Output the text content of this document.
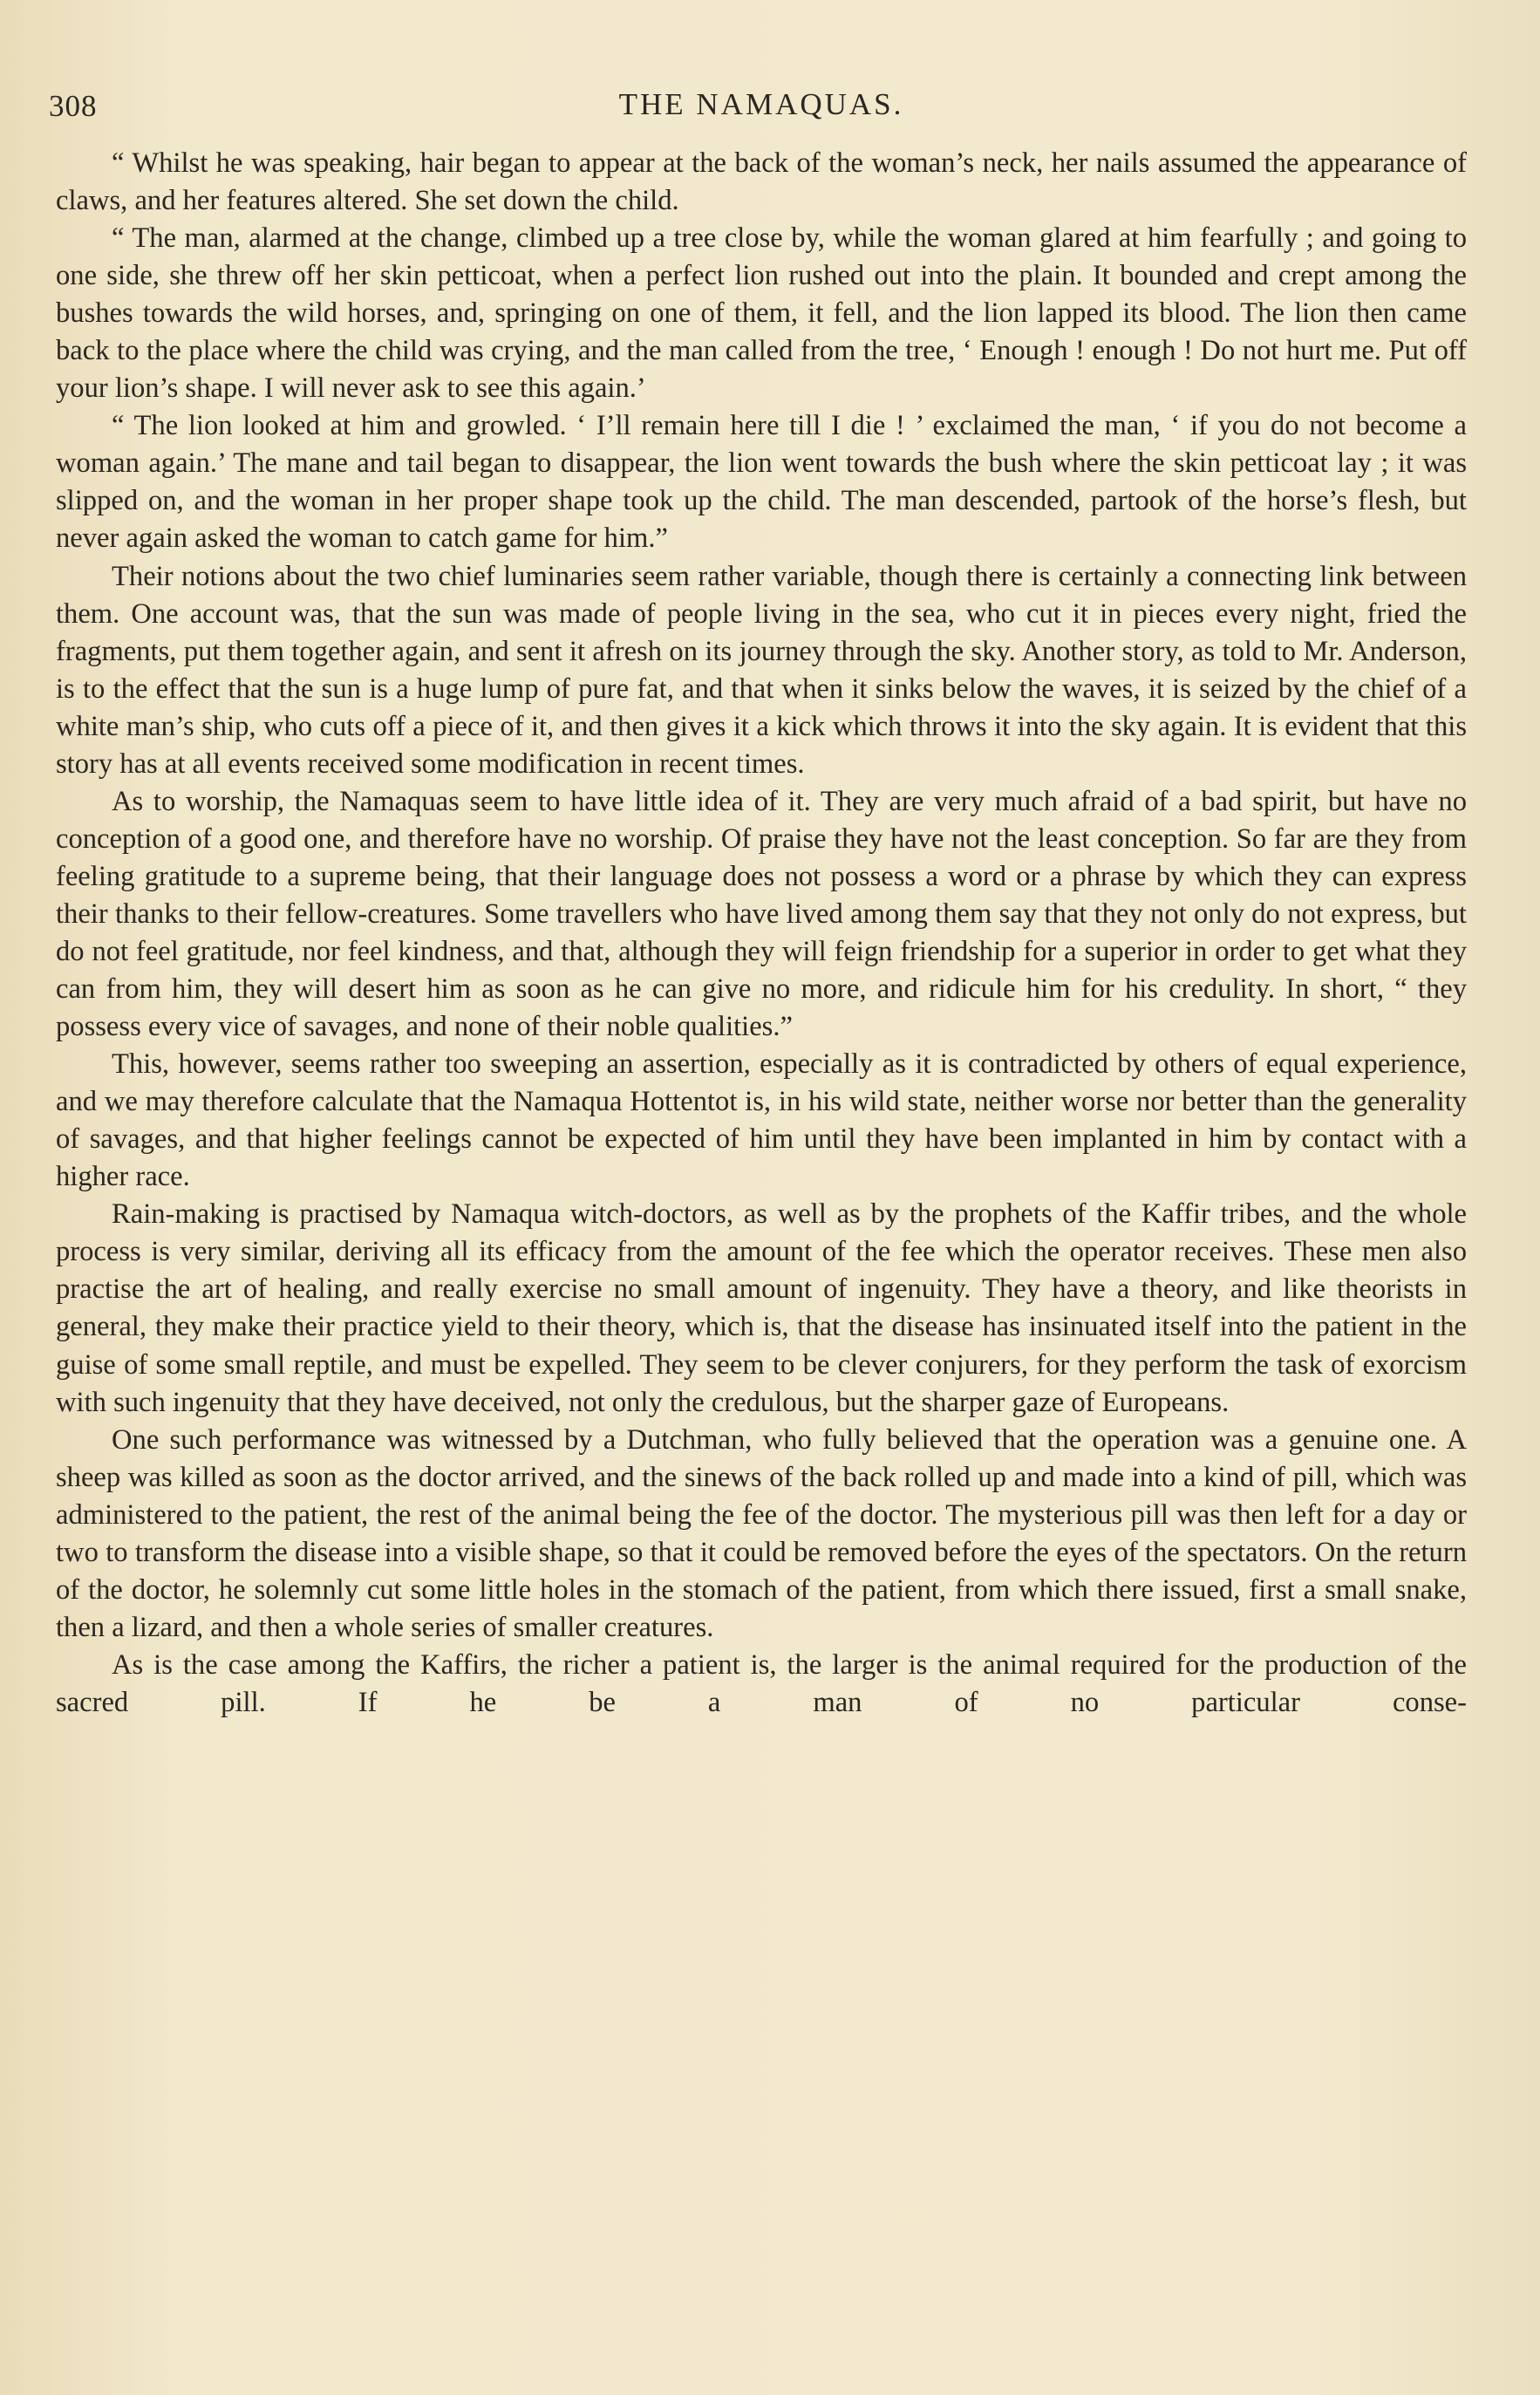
308	THE NAMAQUAS.

“ Whilst he was speaking, hair began to appear at the back of the woman’s neck, her nails assumed the appearance of claws, and her features altered. She set down the child.

“ The man, alarmed at the change, climbed up a tree close by, while the woman glared at him fearfully ; and going to one side, she threw off her skin petticoat, when a perfect lion rushed out into the plain. It bounded and crept among the bushes towards the wild horses, and, springing on one of them, it fell, and the lion lapped its blood. The lion then came back to the place where the child was crying, and the man called from the tree, ‘ Enough ! enough ! Do not hurt me. Put off your lion’s shape. I will never ask to see this again.’

“ The lion looked at him and growled. ‘ I’ll remain here till I die ! ’ exclaimed the man, ‘ if you do not become a woman again.’ The mane and tail began to disappear, the lion went towards the bush where the skin petticoat lay ; it was slipped on, and the woman in her proper shape took up the child. The man descended, partook of the horse’s flesh, but never again asked the woman to catch game for him.”

Their notions about the two chief luminaries seem rather variable, though there is certainly a connecting link between them. One account was, that the sun was made of people living in the sea, who cut it in pieces every night, fried the fragments, put them together again, and sent it afresh on its journey through the sky. Another story, as told to Mr. Anderson, is to the effect that the sun is a huge lump of pure fat, and that when it sinks below the waves, it is seized by the chief of a white man’s ship, who cuts off a piece of it, and then gives it a kick which throws it into the sky again. It is evident that this story has at all events received some modification in recent times.

As to worship, the Namaquas seem to have little idea of it. They are very much afraid of a bad spirit, but have no conception of a good one, and therefore have no worship. Of praise they have not the least conception. So far are they from feeling gratitude to a supreme being, that their language does not possess a word or a phrase by which they can express their thanks to their fellow-creatures. Some travellers who have lived among them say that they not only do not express, but do not feel gratitude, nor feel kindness, and that, although they will feign friendship for a superior in order to get what they can from him, they will desert him as soon as he can give no more, and ridicule him for his credulity. In short, “ they possess every vice of savages, and none of their noble qualities.”

This, however, seems rather too sweeping an assertion, especially as it is contradicted by others of equal experience, and we may therefore calculate that the Namaqua Hottentot is, in his wild state, neither worse nor better than the generality of savages, and that higher feelings cannot be expected of him until they have been implanted in him by contact with a higher race.

Rain-making is practised by Namaqua witch-doctors, as well as by the prophets of the Kaffir tribes, and the whole process is very similar, deriving all its efficacy from the amount of the fee which the operator receives. These men also practise the art of healing, and really exercise no small amount of ingenuity. They have a theory, and like theorists in general, they make their practice yield to their theory, which is, that the disease has insinuated itself into the patient in the guise of some small reptile, and must be expelled. They seem to be clever conjurers, for they perform the task of exorcism with such ingenuity that they have deceived, not only the credulous, but the sharper gaze of Europeans.

One such performance was witnessed by a Dutchman, who fully believed that the operation was a genuine one. A sheep was killed as soon as the doctor arrived, and the sinews of the back rolled up and made into a kind of pill, which was administered to the patient, the rest of the animal being the fee of the doctor. The mysterious pill was then left for a day or two to transform the disease into a visible shape, so that it could be removed before the eyes of the spectators. On the return of the doctor, he solemnly cut some little holes in the stomach of the patient, from which there issued, first a small snake, then a lizard, and then a whole series of smaller creatures.

As is the case among the Kaffirs, the richer a patient is, the larger is the animal required for the production of the sacred pill. If he be a man of no particular conse-
